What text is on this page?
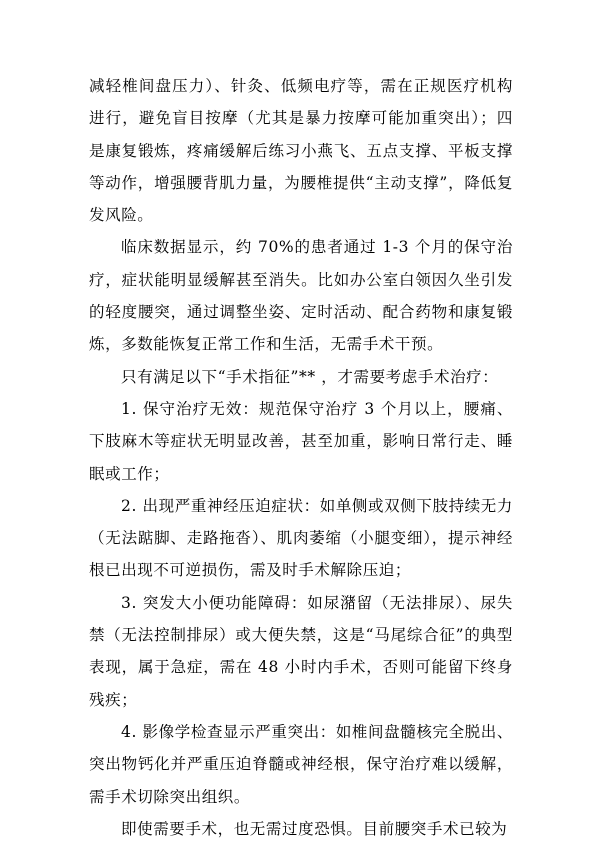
减轻椎间盘压力）、针灸、低频电疗等，需在正规医疗机构进行，避免盲目按摩（尤其是暴力按摩可能加重突出）；四是康复锻炼，疼痛缓解后练习小燕飞、五点支撑、平板支撑等动作，增强腰背肌力量，为腰椎提供“主动支撑”，降低复发风险。

临床数据显示，约 70%的患者通过 1-3 个月的保守治疗，症状能明显缓解甚至消失。比如办公室白领因久坐引发的轻度腰突，通过调整坐姿、定时活动、配合药物和康复锻炼，多数能恢复正常工作和生活，无需手术干预。

只有满足以下“手术指征”** ，才需要考虑手术治疗：

1. 保守治疗无效：规范保守治疗 3 个月以上，腰痛、下肢麻木等症状无明显改善，甚至加重，影响日常行走、睡眠或工作；

2. 出现严重神经压迫症状：如单侧或双侧下肢持续无力（无法踮脚、走路拖沓）、肌肉萎缩（小腿变细），提示神经根已出现不可逆损伤，需及时手术解除压迫；

3. 突发大小便功能障碍：如尿潴留（无法排尿）、尿失禁（无法控制排尿）或大便失禁，这是“马尾综合征”的典型表现，属于急症，需在 48 小时内手术，否则可能留下终身残疾；

4. 影像学检查显示严重突出：如椎间盘髓核完全脱出、突出物钙化并严重压迫脊髓或神经根，保守治疗难以缓解，需手术切除突出组织。

即使需要手术，也无需过度恐惧。目前腰突手术已较为
